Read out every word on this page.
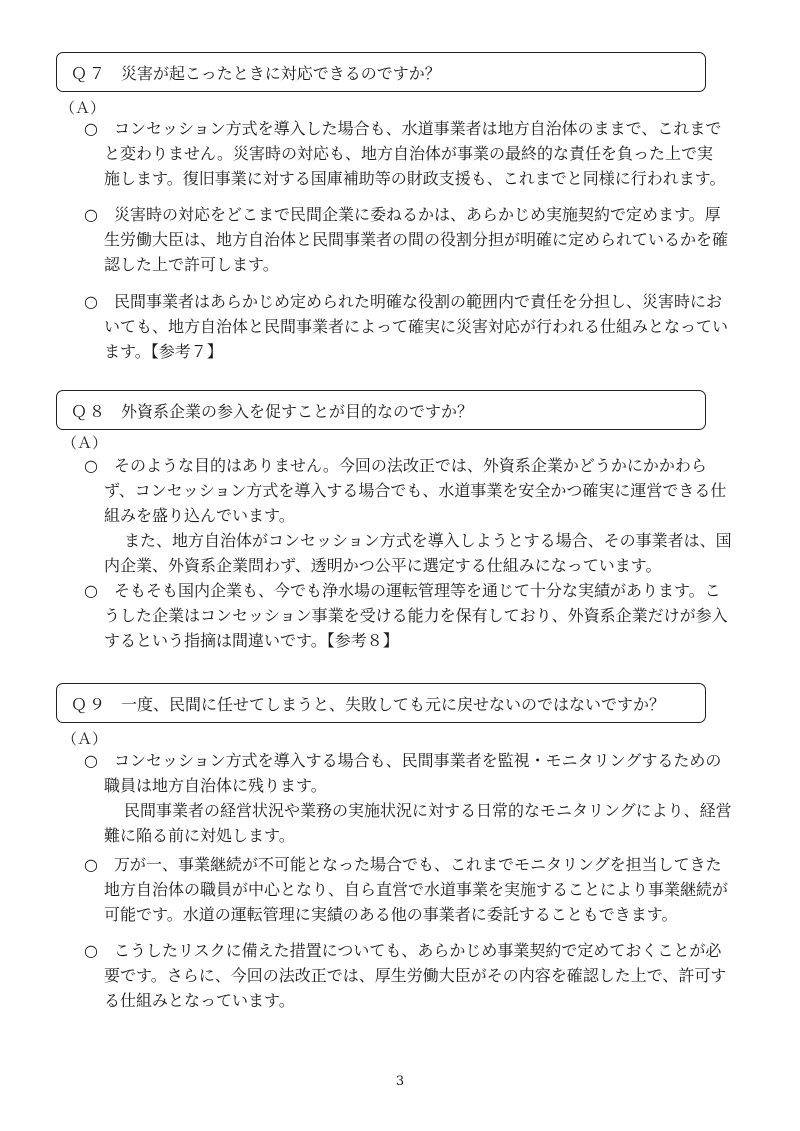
Ｑ７ 災害が起こったときに対応できるのですか？
（Ａ）

○　コンセッション方式を導入した場合も、水道事業者は地方自治体のままで、これまでと変わりません。災害時の対応も、地方自治体が事業の最終的な責任を負った上で実施します。復旧事業に対する国庫補助等の財政支援も、これまでと同様に行われます。

○　災害時の対応をどこまで民間企業に委ねるかは、あらかじめ実施契約で定めます。厚生労働大臣は、地方自治体と民間事業者の間の役割分担が明確に定められているかを確認した上で許可します。

○　民間事業者はあらかじめ定められた明確な役割の範囲内で責任を分担し、災害時においても、地方自治体と民間事業者によって確実に災害対応が行われる仕組みとなっています。【参考７】

Ｑ８ 外資系企業の参入を促すことが目的なのですか？
（Ａ）

○　そのような目的はありません。今回の法改正では、外資系企業かどうかにかかわらず、コンセッション方式を導入する場合でも、水道事業を安全かつ確実に運営できる仕組みを盛り込んでいます。

また、地方自治体がコンセッション方式を導入しようとする場合、その事業者は、国内企業、外資系企業問わず、透明かつ公平に選定する仕組みになっています。

○　そもそも国内企業も、今でも浄水場の運転管理等を通じて十分な実績があります。こうした企業はコンセッション事業を受ける能力を保有しており、外資系企業だけが参入するという指摘は間違いです。【参考８】

Ｑ９ 一度、民間に任せてしまうと、失敗しても元に戻せないのではないですか？
（Ａ）

○　コンセッション方式を導入する場合も、民間事業者を監視・モニタリングするための職員は地方自治体に残ります。

民間事業者の経営状況や業務の実施状況に対する日常的なモニタリングにより、経営難に陥る前に対処します。

○　万が一、事業継続が不可能となった場合でも、これまでモニタリングを担当してきた地方自治体の職員が中心となり、自ら直営で水道事業を実施することにより事業継続が可能です。水道の運転管理に実績のある他の事業者に委託することもできます。

○　こうしたリスクに備えた措置についても、あらかじめ事業契約で定めておくことが必要です。さらに、今回の法改正では、厚生労働大臣がその内容を確認した上で、許可する仕組みとなっています。

3
